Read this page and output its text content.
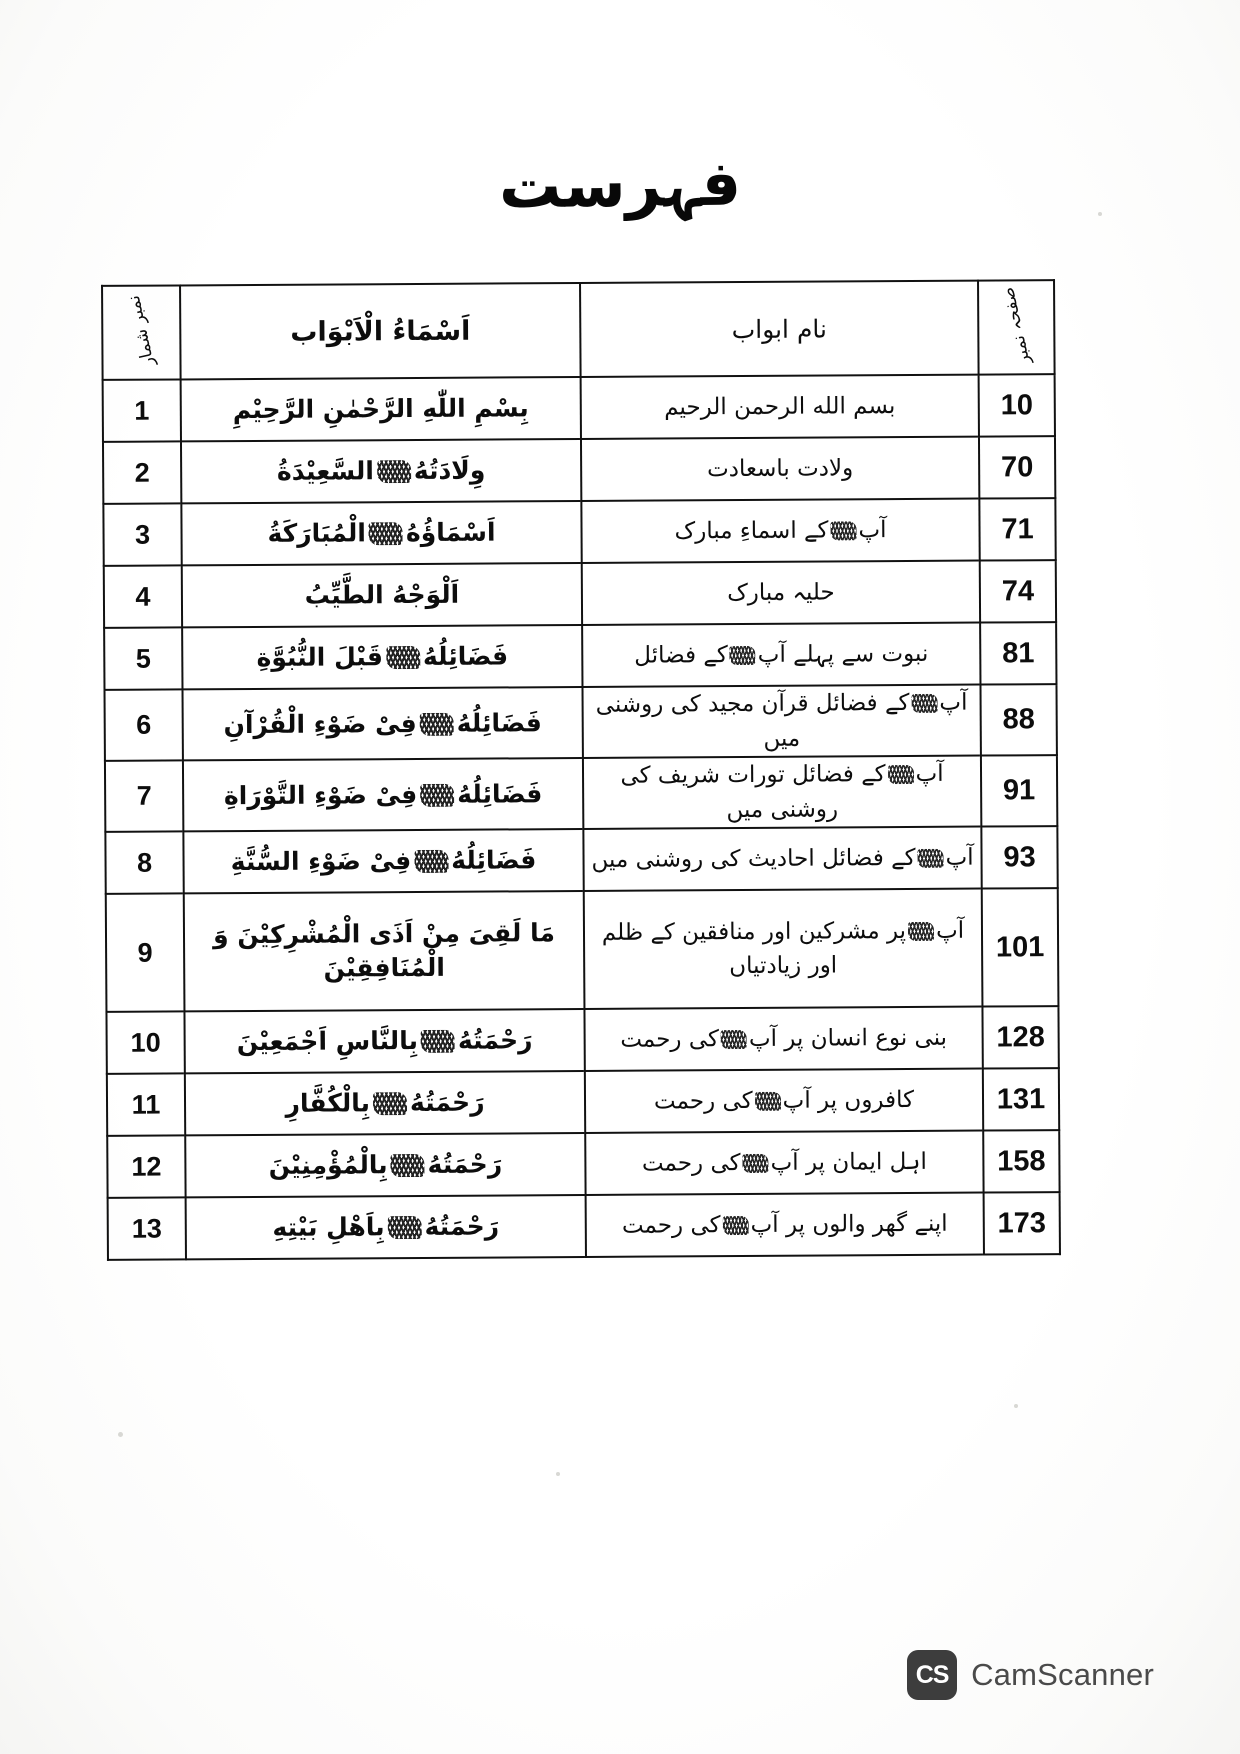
فہرست
صفحہ نمبر	نام ابواب	اَسْمَاءُ الْاَبْوَاب	نمبر شمار
10	بسم الله الرحمن الرحیم	بِسْمِ اللّٰهِ الرَّحْمٰنِ الرَّحِيْمِ	1
70	ولادت باسعادت	وِلَادَتُهُالسَّعِيْدَةُ	2
71	آپکے اسماءِ مبارک	اَسْمَاؤُهُالْمُبَارَكَةُ	3
74	حلیہ مبارک	اَلْوَجْهُ الطَّيِّبُ	4
81	نبوت سے پہلے آپکے فضائل	فَضَائِلُهُقَبْلَ النُّبُوَّةِ	5
88	آپکے فضائل قرآن مجید کی روشنی میں	فَضَائِلُهُفِىْ ضَوْءِ الْقُرْآنِ	6
91	آپکے فضائل تورات شریف کی روشنی میں	فَضَائِلُهُفِىْ ضَوْءِ التَّوْرَاةِ	7
93	آپکے فضائل احادیث کی روشنی میں	فَضَائِلُهُفِىْ ضَوْءِ السُّنَّةِ	8
101	آپپر مشرکین اور منافقین کے ظلم اور زیادتیاں	مَا لَقِىَ مِنْ اَذَى الْمُشْرِكِيْنَ وَ
الْمُنَافِقِيْنَ	9
128	بنی نوع انسان پر آپکی رحمت	رَحْمَتُهُبِالنَّاسِ اَجْمَعِيْنَ	10
131	کافروں پر آپکی رحمت	رَحْمَتُهُبِالْكُفَّارِ	11
158	اہل ایمان پر آپکی رحمت	رَحْمَتُهُبِالْمُؤْمِنِيْنَ	12
173	اپنے گھر والوں پر آپکی رحمت	رَحْمَتُهُبِاَهْلِ بَيْتِهِ	13
CS CamScanner
